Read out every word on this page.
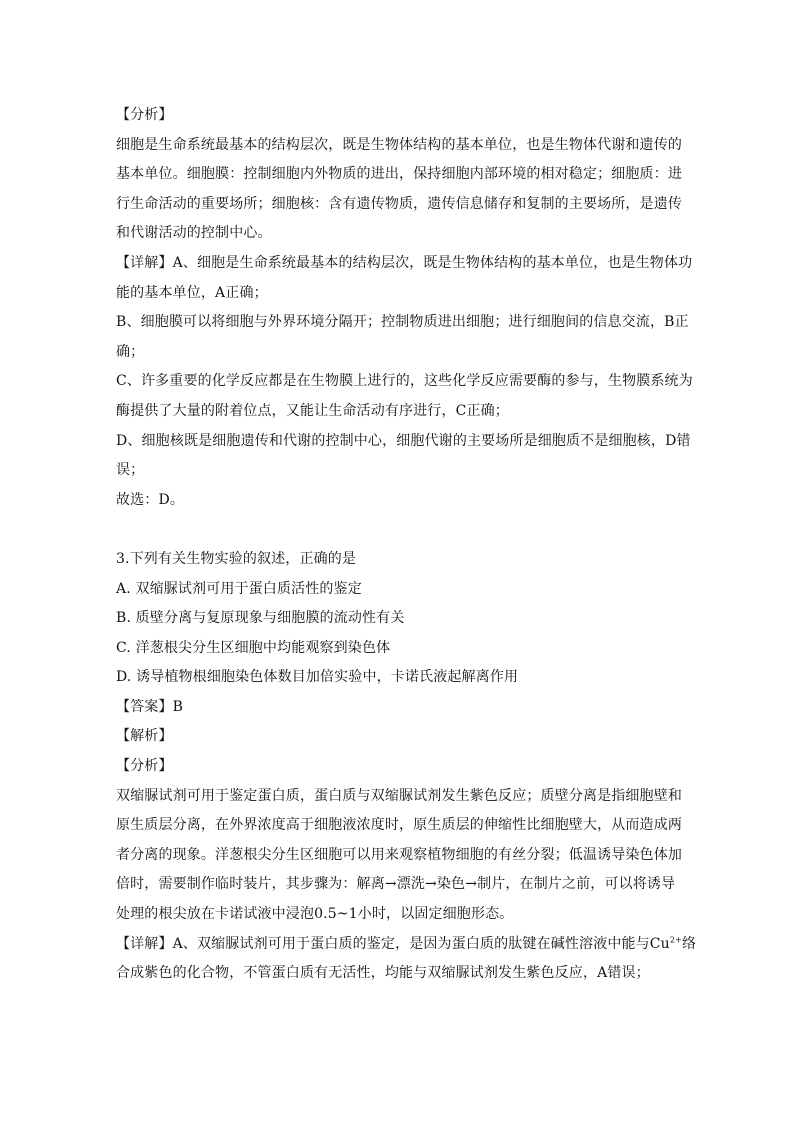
【分析】
细胞是生命系统最基本的结构层次，既是生物体结构的基本单位，也是生物体代谢和遗传的
基本单位。细胞膜：控制细胞内外物质的进出，保持细胞内部环境的相对稳定；细胞质：进
行生命活动的重要场所；细胞核：含有遗传物质，遗传信息储存和复制的主要场所，是遗传
和代谢活动的控制中心。
【详解】A、细胞是生命系统最基本的结构层次，既是生物体结构的基本单位，也是生物体功
能的基本单位，A正确；
B、细胞膜可以将细胞与外界环境分隔开；控制物质进出细胞；进行细胞间的信息交流，B正
确；
C、许多重要的化学反应都是在生物膜上进行的，这些化学反应需要酶的参与，生物膜系统为
酶提供了大量的附着位点，又能让生命活动有序进行，C正确；
D、细胞核既是细胞遗传和代谢的控制中心，细胞代谢的主要场所是细胞质不是细胞核，D错
误；
故选：D。
3.下列有关生物实验的叙述，正确的是
A. 双缩脲试剂可用于蛋白质活性的鉴定
B. 质壁分离与复原现象与细胞膜的流动性有关
C. 洋葱根尖分生区细胞中均能观察到染色体
D. 诱导植物根细胞染色体数目加倍实验中，卡诺氏液起解离作用
【答案】B
【解析】
【分析】
双缩脲试剂可用于鉴定蛋白质，蛋白质与双缩脲试剂发生紫色反应；质壁分离是指细胞壁和
原生质层分离，在外界浓度高于细胞液浓度时，原生质层的伸缩性比细胞壁大，从而造成两
者分离的现象。洋葱根尖分生区细胞可以用来观察植物细胞的有丝分裂；低温诱导染色体加
倍时，需要制作临时装片，其步骤为：解离→漂洗→染色→制片，在制片之前，可以将诱导
处理的根尖放在卡诺试液中浸泡0.5~1小时，以固定细胞形态。
【详解】A、双缩脲试剂可用于蛋白质的鉴定，是因为蛋白质的肽键在碱性溶液中能与$Cu^{2+}$络
合成紫色的化合物，不管蛋白质有无活性，均能与双缩脲试剂发生紫色反应，A错误；
